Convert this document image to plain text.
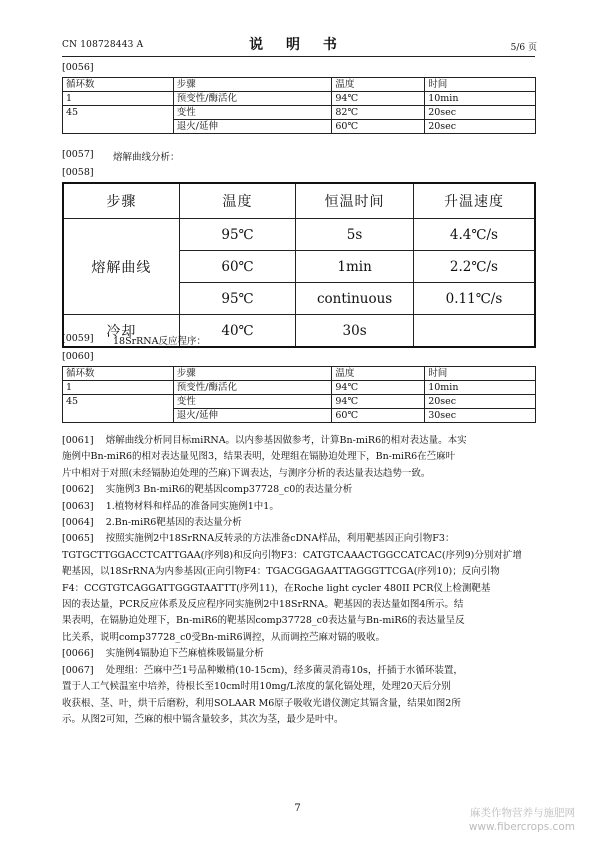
CN 108728443 A	说 明 书	5/6 页
[0056]
循环数	步骤	温度	时间
1	预变性/酶活化	94℃	10min
45	变性	82℃	20sec
	退火/延伸	60℃	20sec
[0057] 熔解曲线分析：
[0058]
步骤	温度	恒温时间	升温速度
熔解曲线	95℃	5s	4.4℃/s
	60℃	1min	2.2℃/s
	95℃	continuous	0.11℃/s
冷却	40℃	30s	
[0059] 18SrRNA反应程序：
[0060]
循环数	步骤	温度	时间
1	预变性/酶活化	94℃	10min
45	变性	94℃	20sec
	退火/延伸	60℃	30sec

[0061] 熔解曲线分析同目标miRNA。以内参基因做参考，计算Bn-miR6的相对表达量。本实
施例中Bn-miR6的相对表达量见图3，结果表明，处理组在镉胁迫处理下，Bn-miR6在苎麻叶
片中相对于对照(未经镉胁迫处理的苎麻)下调表达，与测序分析的表达量表达趋势一致。

[0062] 实施例3 Bn-miR6的靶基因comp37728_c0的表达量分析

[0063] 1.植物材料和样品的准备同实施例1中1。

[0064] 2.Bn-miR6靶基因的表达量分析

[0065] 按照实施例2中18SrRNA反转录的方法准备cDNA样品，利用靶基因正向引物F3：
TGTGCTTGGACCTCATTGAA(序列8)和反向引物F3：CATGTCAAACTGGCCATCAC(序列9)分别对扩增
靶基因，以18SrRNA为内参基因(正向引物F4：TGACGGAGAATTAGGGTTCGA(序列10)；反向引物
F4：CCGTGTCAGGATTGGGTAATTT(序列11)，在Roche light cycler 480II PCR仪上检测靶基
因的表达量，PCR反应体系及反应程序同实施例2中18SrRNA。靶基因的表达量如图4所示。结
果表明，在镉胁迫处理下，Bn-miR6的靶基因comp37728_c0表达量与Bn-miR6的表达量呈反
比关系，说明comp37728_c0受Bn-miR6调控，从而调控苎麻对镉的吸收。

[0066] 实施例4镉胁迫下苎麻植株吸镉量分析

[0067] 处理组：苎麻中苎1号品种嫩梢(10-15cm)，经多菌灵消毒10s，扦插于水循环装置，
置于人工气候温室中培养，待根长至10cm时用10mg/L浓度的氯化镉处理，处理20天后分别
收获根、茎、叶，烘干后磨粉，利用SOLAAR M6原子吸收光谱仪测定其镉含量，结果如图2所
示。从图2可知，苎麻的根中镉含量较多，其次为茎，最少是叶中。

7	麻类作物营养与施肥网
www.fibercrops.com
